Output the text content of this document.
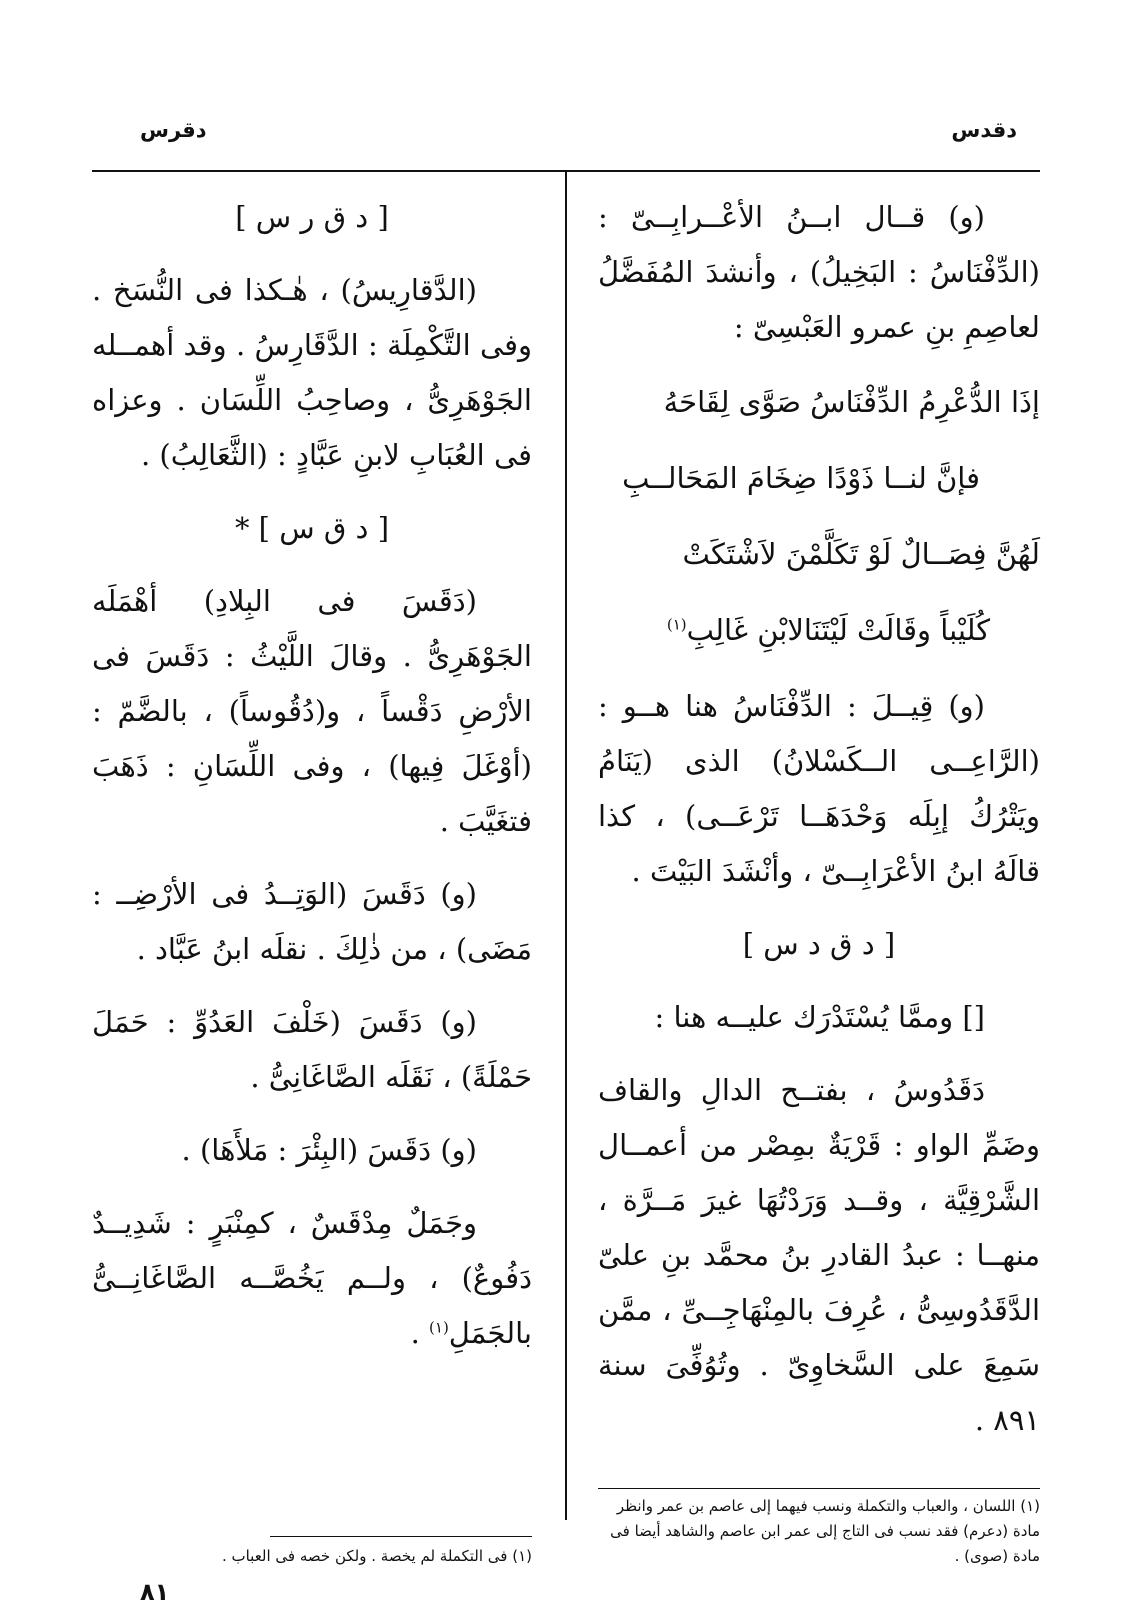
دقدس
دقرس

(و) قــال ابــنُ الأعْــرابِــىّ : (الدِّفْنَاسُ : البَخِيلُ) ، وأنشدَ المُفَضَّلُ لعاصِمِ بنِ عمرو العَبْسِىّ :

إذَا الدُّعْرِمُ الدِّفْنَاسُ صَوَّى لِقَاحَهُ

فإنَّ لنــا ذَوْدًا ضِخَامَ المَحَالــبِ

لَهُنَّ فِصَــالٌ لَوْ تَكَلَّمْنَ لاَشْتَكَتْ

كُلَيْباً وقَالَتْ لَيْتَنَالابْنِ غَالِبِ$^{(١)}$

(و) قِيــلَ : الدِّفْنَاسُ هنا هــو : (الرَّاعِــى الــكَسْلانُ) الذى (يَنَامُ ويَتْرُكُ إبِلَه وَحْدَهَــا تَرْعَــى) ، كذا قالَهُ ابنُ الأعْرَابِــىّ ، وأنْشَدَ البَيْتَ .

[ د ق د س ]

[] وممَّا يُسْتَدْرَك عليــه هنا :

دَقَدُوسُ ، بفتــح الدالِ والقاف وضَمِّ الواو : قَرْيَةٌ بمِصْر من أعمــال الشَّرْقِيَّة ، وقــد وَرَدْتُهَا غيرَ مَــرَّة ، منهــا : عبدُ القادرِ بنُ محمَّد بنِ علىّ الدَّقَدُوسِىُّ ، عُرِفَ بالمِنْهَاجِــىِّ ، ممَّن سَمِعَ على السَّخاوِىّ . وتُوُفِّىَ سنة ٨٩١ .

[ د ق ر س ]

(الدَّقارِيسُ) ، هٰـكذا فى النُّسَخ . وفى التَّكْمِلَة : الدَّقَارِسُ . وقد أهمــله الجَوْهَرِىُّ ، وصاحِبُ اللِّسَان . وعزاه فى العُبَابِ لابنِ عَبَّادٍ : (الثَّعَالِبُ) .

[ د ق س ] *

(دَقَسَ فى البِلادِ) أهْمَلَه الجَوْهَرِىُّ . وقالَ اللَّيْثُ : دَقَسَ فى الأرْضِ دَقْساً ، و(دُقُوساً) ، بالضَّمّ : (أوْغَلَ فِيها) ، وفى اللِّسَانِ : ذَهَبَ فتغَيَّبَ .

(و) دَقَسَ (الوَتِــدُ فى الأرْضِــ : مَضَى) ، من ذٰلِكَ . نقلَه ابنُ عَبَّاد .

(و) دَقَسَ (خَلْفَ العَدُوِّ : حَمَلَ حَمْلَةً) ، نَقَلَه الصَّاغَانِىُّ .

(و) دَقَسَ (البِئْرَ : مَلأَهَا) .

وجَمَلٌ مِدْقَسٌ ، كمِنْبَرٍ : شَدِيــدٌ دَفُوعٌ) ، ولــم يَخُصَّــه الصَّاغَانِــىُّ بالجَمَلِ$^{(١)}$ .

(١) اللسان ، والعباب والتكملة ونسب فيهما إلى عاصم بن عمر وانظر مادة (دعرم) فقد نسب فى التاج إلى عمر ابن عاصم والشاهد أيضا فى مادة (صوى) .
(١) فى التكملة لم يخصة . ولكن خصه فى العباب .
٨١
